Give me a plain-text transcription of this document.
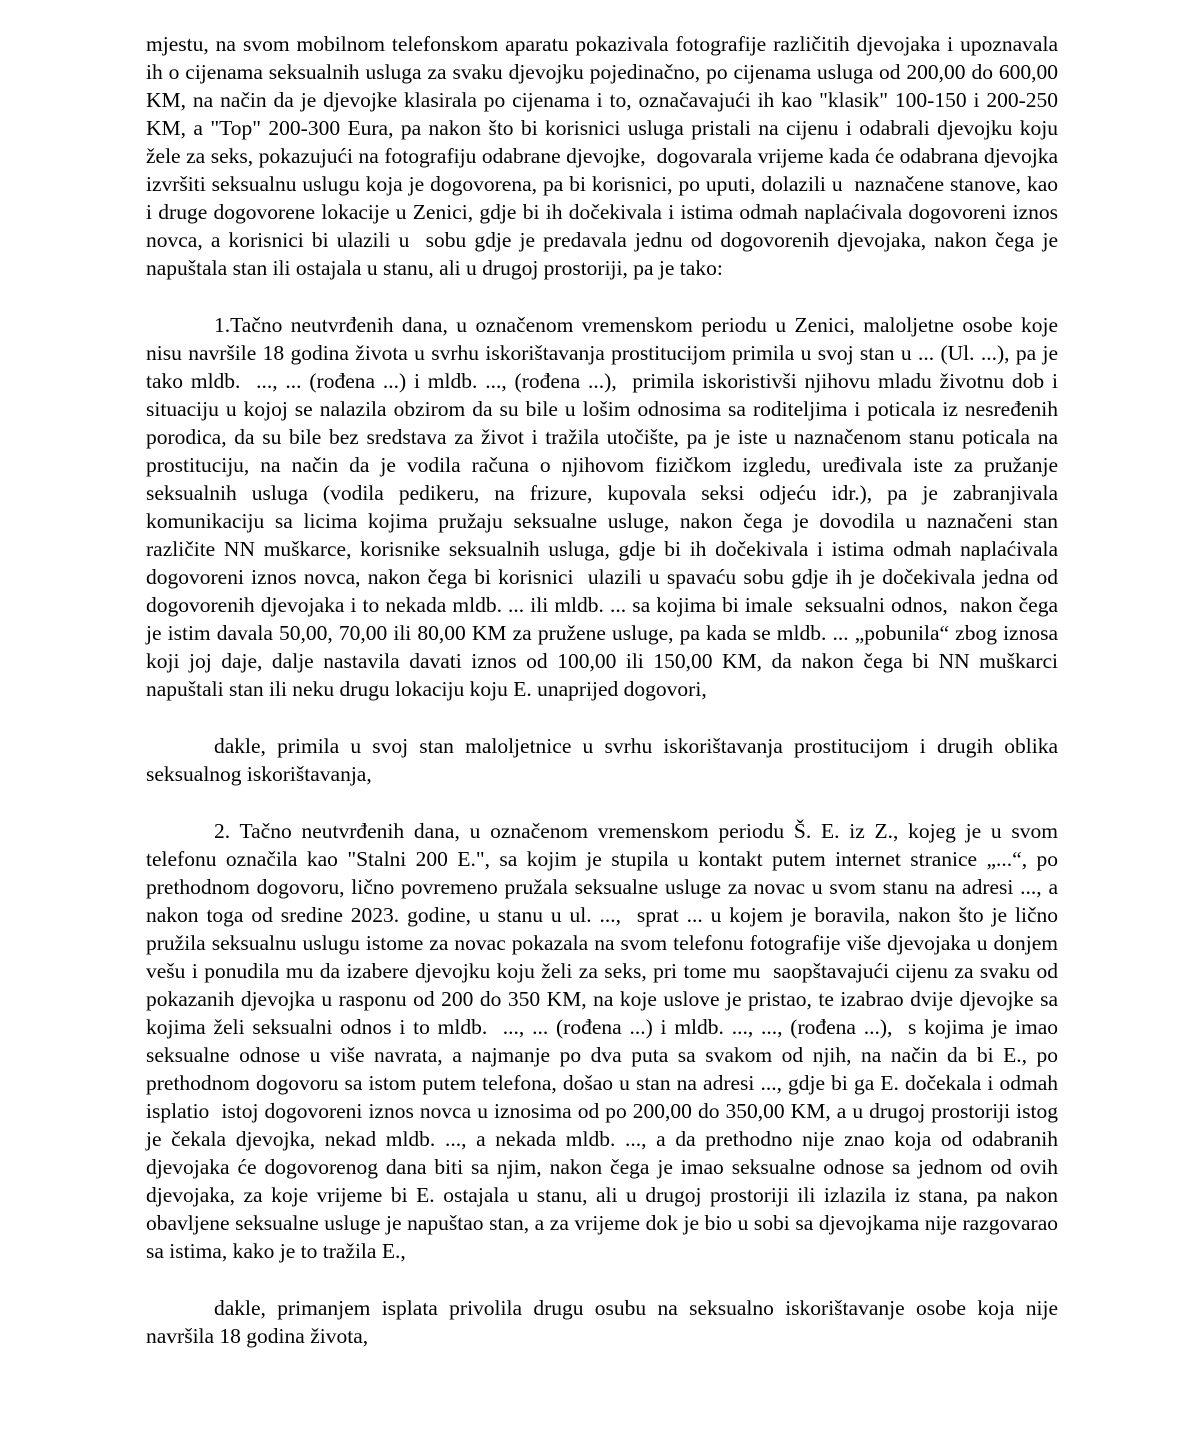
mjestu, na svom mobilnom telefonskom aparatu pokazivala fotografije različitih djevojaka i upoznavala ih o cijenama seksualnih usluga za svaku djevojku pojedinačno, po cijenama usluga od 200,00 do 600,00 KM, na način da je djevojke klasirala po cijenama i to, označavajući ih kao "klasik" 100-150 i 200-250 KM, a "Top" 200-300 Eura, pa nakon što bi korisnici usluga pristali na cijenu i odabrali djevojku koju žele za seks, pokazujući na fotografiju odabrane djevojke,  dogovarala vrijeme kada će odabrana djevojka izvršiti seksualnu uslugu koja je dogovorena, pa bi korisnici, po uputi, dolazili u  naznačene stanove, kao i druge dogovorene lokacije u Zenici, gdje bi ih dočekivala i istima odmah naplaćivala dogovoreni iznos novca, a korisnici bi ulazili u  sobu gdje je predavala jednu od dogovorenih djevojaka, nakon čega je napuštala stan ili ostajala u stanu, ali u drugoj prostoriji, pa je tako:

1.Tačno neutvrđenih dana, u označenom vremenskom periodu u Zenici, maloljetne osobe koje nisu navršile 18 godina života u svrhu iskorištavanja prostitucijom primila u svoj stan u ... (Ul. ...), pa je tako mldb.  ..., ... (rođena ...) i mldb. ..., (rođena ...),  primila iskoristivši njihovu mladu životnu dob i situaciju u kojoj se nalazila obzirom da su bile u lošim odnosima sa roditeljima i poticala iz nesređenih porodica, da su bile bez sredstava za život i tražila utočište, pa je iste u naznačenom stanu poticala na prostituciju, na način da je vodila računa o njihovom fizičkom izgledu, uređivala iste za pružanje seksualnih usluga (vodila pedikeru, na frizure, kupovala seksi odjeću idr.), pa je zabranjivala  komunikaciju sa licima kojima pružaju seksualne usluge, nakon čega je dovodila u naznačeni stan različite NN muškarce, korisnike seksualnih usluga, gdje bi ih dočekivala i istima odmah naplaćivala dogovoreni iznos novca, nakon čega bi korisnici  ulazili u spavaću sobu gdje ih je dočekivala jedna od dogovorenih djevojaka i to nekada mldb. ... ili mldb. ... sa kojima bi imale  seksualni odnos,  nakon čega je istim davala 50,00, 70,00 ili 80,00 KM za pružene usluge, pa kada se mldb. ... „pobunila“ zbog iznosa koji joj daje, dalje nastavila davati iznos od 100,00 ili 150,00 KM, da nakon čega bi NN muškarci napuštali stan ili neku drugu lokaciju koju E. unaprijed dogovori,

dakle, primila u svoj stan maloljetnice u svrhu iskorištavanja prostitucijom i drugih oblika seksualnog iskorištavanja,

2. Tačno neutvrđenih dana, u označenom vremenskom periodu Š. E. iz Z., kojeg je u svom telefonu označila kao "Stalni 200 E.", sa kojim je stupila u kontakt putem internet stranice „...“, po prethodnom dogovoru, lično povremeno pružala seksualne usluge za novac u svom stanu na adresi ..., a nakon toga od sredine 2023. godine, u stanu u ul. ...,  sprat ... u kojem je boravila, nakon što je lično pružila seksualnu uslugu istome za novac pokazala na svom telefonu fotografije više djevojaka u donjem vešu i ponudila mu da izabere djevojku koju želi za seks, pri tome mu  saopštavajući cijenu za svaku od pokazanih djevojka u rasponu od 200 do 350 KM, na koje uslove je pristao, te izabrao dvije djevojke sa kojima želi seksualni odnos i to mldb.  ..., ... (rođena ...) i mldb. ..., ..., (rođena ...),  s kojima je imao seksualne odnose u više navrata, a najmanje po dva puta sa svakom od njih, na način da bi E., po prethodnom dogovoru sa istom putem telefona, došao u stan na adresi ..., gdje bi ga E. dočekala i odmah isplatio  istoj dogovoreni iznos novca u iznosima od po 200,00 do 350,00 KM, a u drugoj prostoriji istog je čekala djevojka, nekad mldb. ..., a nekada mldb. ..., a da prethodno nije znao koja od odabranih djevojaka će dogovorenog dana biti sa njim, nakon čega je imao seksualne odnose sa jednom od ovih djevojaka, za koje vrijeme bi E. ostajala u stanu, ali u drugoj prostoriji ili izlazila iz stana, pa nakon obavljene seksualne usluge je napuštao stan, a za vrijeme dok je bio u sobi sa djevojkama nije razgovarao sa istima, kako je to tražila E.,

dakle, primanjem isplata privolila drugu osubu na seksualno iskorištavanje osobe koja nije navršila 18 godina života,
